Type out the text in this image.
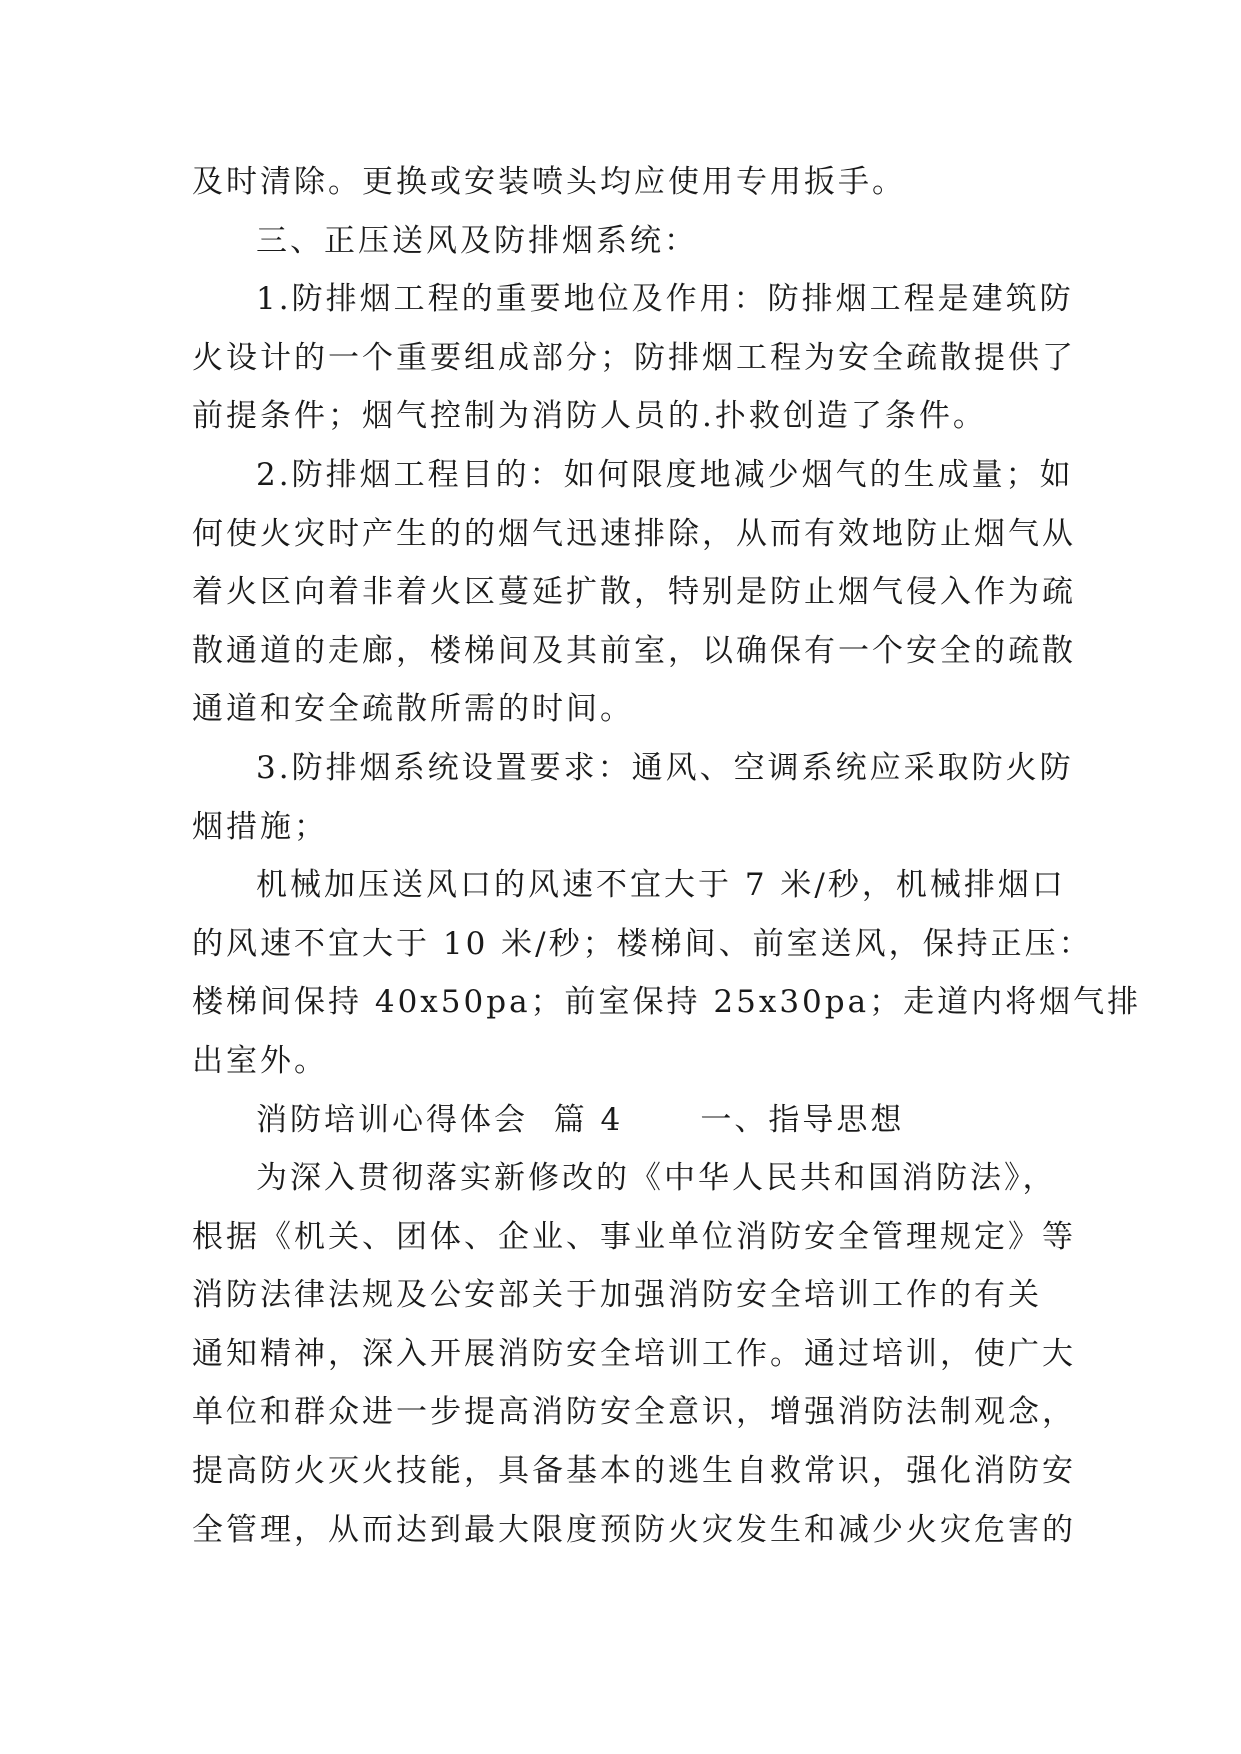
及时清除。更换或安装喷头均应使用专用扳手。
三、正压送风及防排烟系统：
1.防排烟工程的重要地位及作用：防排烟工程是建筑防
火设计的一个重要组成部分；防排烟工程为安全疏散提供了
前提条件；烟气控制为消防人员的.扑救创造了条件。
2.防排烟工程目的：如何限度地减少烟气的生成量；如
何使火灾时产生的的烟气迅速排除，从而有效地防止烟气从
着火区向着非着火区蔓延扩散，特别是防止烟气侵入作为疏
散通道的走廊，楼梯间及其前室，以确保有一个安全的疏散
通道和安全疏散所需的时间。
3.防排烟系统设置要求：通风、空调系统应采取防火防
烟措施；
机械加压送风口的风速不宜大于 7 米/秒，机械排烟口
的风速不宜大于 10 米/秒；楼梯间、前室送风，保持正压：
楼梯间保持 40x50pa；前室保持 25x30pa；走道内将烟气排
出室外。
消防培训心得体会  篇 4      一、指导思想
为深入贯彻落实新修改的《中华人民共和国消防法》，
根据《机关、团体、企业、事业单位消防安全管理规定》等
消防法律法规及公安部关于加强消防安全培训工作的有关
通知精神，深入开展消防安全培训工作。通过培训，使广大
单位和群众进一步提高消防安全意识，增强消防法制观念，
提高防火灭火技能，具备基本的逃生自救常识，强化消防安
全管理，从而达到最大限度预防火灾发生和减少火灾危害的
